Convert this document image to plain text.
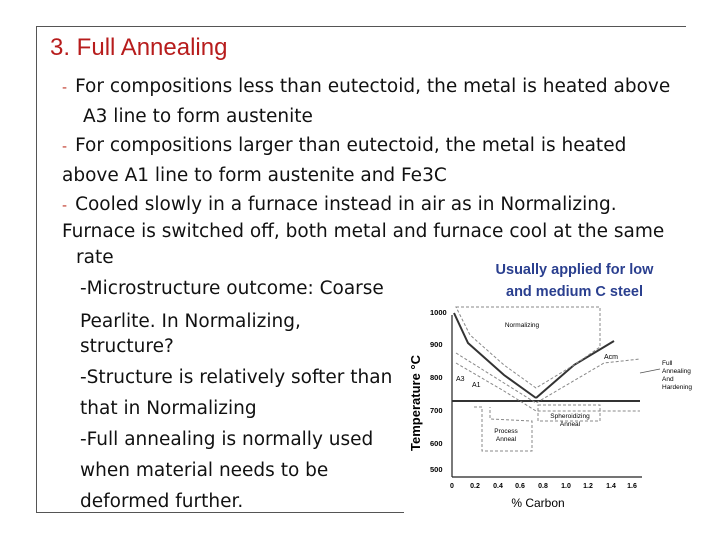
3. Full Annealing
- For compositions less than eutectoid, the metal is heated above
A3 line to form austenite
- For compositions larger than eutectoid, the metal is heated
above A1 line to form austenite and Fe3C
- Cooled slowly in a furnace instead in air as in Normalizing.
Furnace is switched off, both metal and furnace cool at the same
rate
-Microstructure outcome: Coarse
Pearlite. In Normalizing,
structure?
-Structure is relatively softer than
that in Normalizing
-Full annealing is normally used
when material needs to be
deformed further.
Usually applied for low
and medium C steel
Temperature °C
1000
900
800
700
600
500
0 0.2 0.4 0.6 0.8 1.0 1.2 1.4 1.6
% Carbon
Normalizing
Acm
A3
A1
Full
Annealing
And
Hardening
Spheroidizing
Anneal
Process
Anneal
